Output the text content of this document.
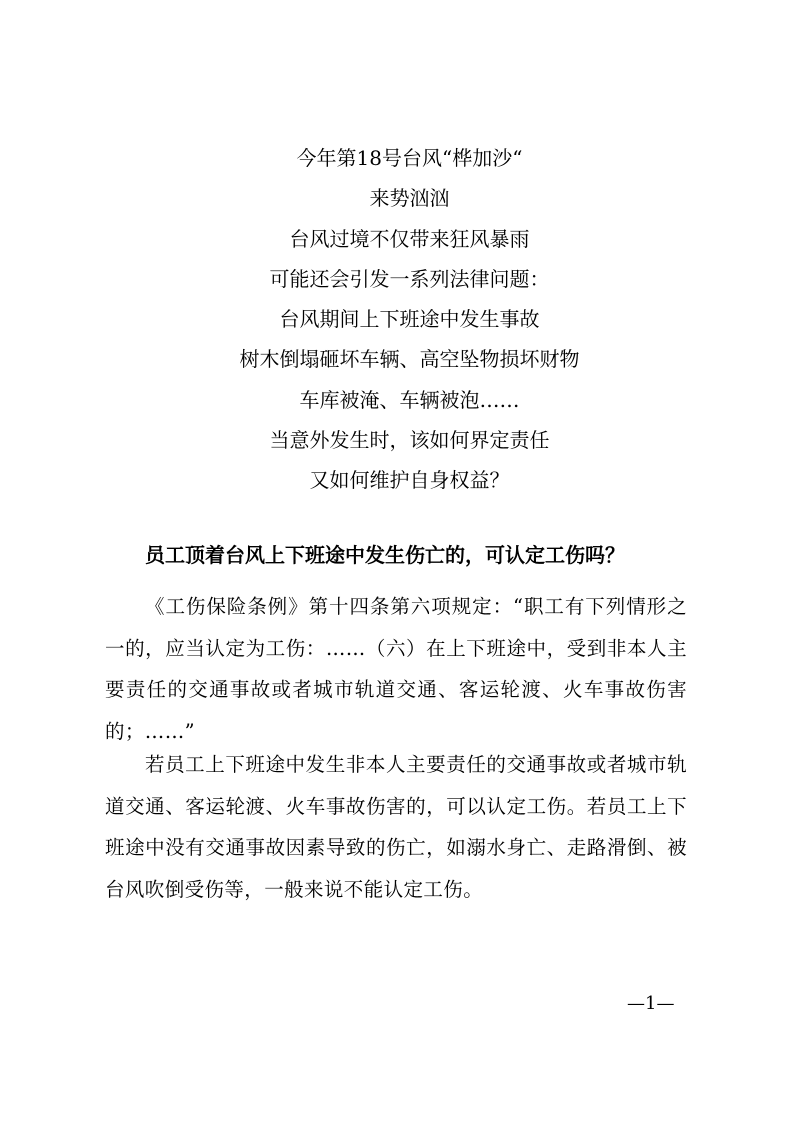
今年第18号台风“桦加沙“
来势汹汹
台风过境不仅带来狂风暴雨
可能还会引发一系列法律问题：
台风期间上下班途中发生事故
树木倒塌砸坏车辆、高空坠物损坏财物
车库被淹、车辆被泡……
当意外发生时，该如何界定责任
又如何维护自身权益？
员工顶着台风上下班途中发生伤亡的，可认定工伤吗？

《工伤保险条例》第十四条第六项规定：“职工有下列情形之一的，应当认定为工伤：……（六）在上下班途中，受到非本人主要责任的交通事故或者城市轨道交通、客运轮渡、火车事故伤害的；……”

若员工上下班途中发生非本人主要责任的交通事故或者城市轨道交通、客运轮渡、火车事故伤害的，可以认定工伤。若员工上下班途中没有交通事故因素导致的伤亡，如溺水身亡、走路滑倒、被台风吹倒受伤等，一般来说不能认定工伤。

—1—
